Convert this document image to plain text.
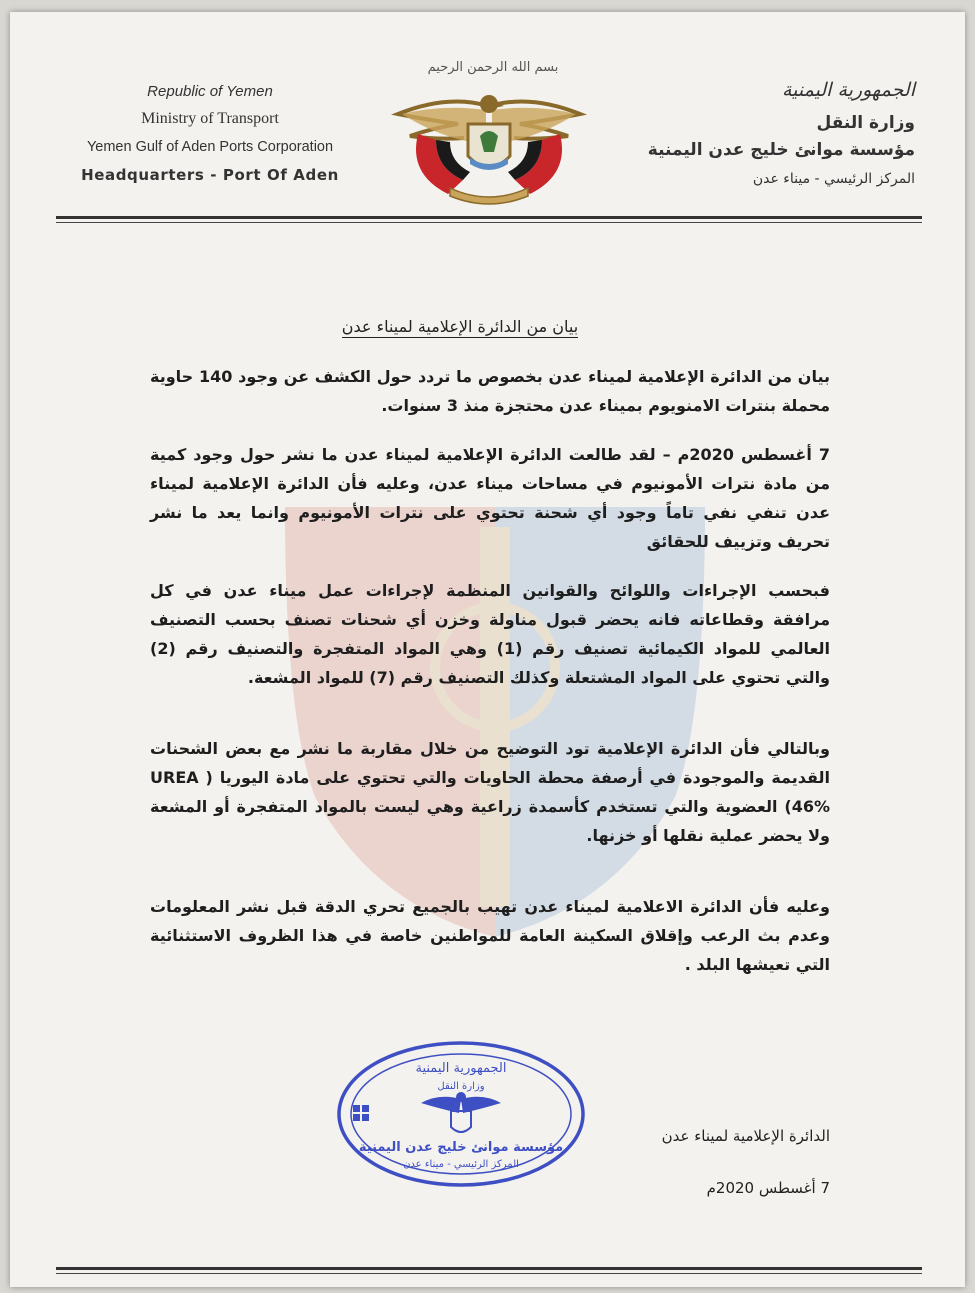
Republic of Yemen
Ministry of Transport
Yemen Gulf of Aden Ports Corporation
Headquarters - Port Of Aden
بسم الله الرحمن الرحيم
الجمهورية اليمنية
وزارة النقل
مؤسسة موانئ خليج عدن اليمنية
المركز الرئيسي - ميناء عدن
بيان من الدائرة الإعلامية لميناء عدن

بيان من الدائرة الإعلامية لميناء عدن بخصوص ما تردد حول الكشف عن وجود 140 حاوية محملة بنترات الامنويوم بميناء عدن محتجزة منذ 3 سنوات.

7 أغسطس 2020م – لقد طالعت الدائرة الإعلامية لميناء عدن ما نشر حول وجود كمية من مادة نترات الأمونيوم في مساحات ميناء عدن، وعليه فأن الدائرة الإعلامية لميناء عدن تنفي نفي تاماً وجود أي شحنة تحتوي على نترات الأمونيوم وانما يعد ما نشر تحريف وتزييف للحقائق

فبحسب الإجراءات واللوائح والقوانين المنظمة لإجراءات عمل ميناء عدن في كل مرافقة وقطاعاته فانه يحضر قبول مناولة وخزن أي شحنات تصنف بحسب التصنيف العالمي للمواد الكيمائية تصنيف رقم (1) وهي المواد المتفجرة والتصنيف رقم (2) والتي تحتوي على المواد المشتعلة وكذلك التصنيف رقم (7) للمواد المشعة.

وبالتالي فأن الدائرة الإعلامية تود التوضيح من خلال مقاربة ما نشر مع بعض الشحنات القديمة والموجودة في أرصفة محطة الحاويات والتي تحتوي على مادة اليوريا ( UREA 46%) العضوية والتي تستخدم كأسمدة زراعية وهي ليست بالمواد المتفجرة أو المشعة ولا يحضر عملية نقلها أو خزنها.

وعليه فأن الدائرة الاعلامية لميناء عدن تهيب بالجميع تحري الدقة قبل نشر المعلومات وعدم بث الرعب وإقلاق السكينة العامة للمواطنين خاصة في هذا الظروف الاستثنائية التي تعيشها البلد .

الجمهورية اليمنية
وزارة النقل
مؤسسة موانئ خليج عدن اليمنية
المركز الرئيسي - ميناء عدن
الدائرة الإعلامية لميناء عدن
7 أغسطس 2020م
